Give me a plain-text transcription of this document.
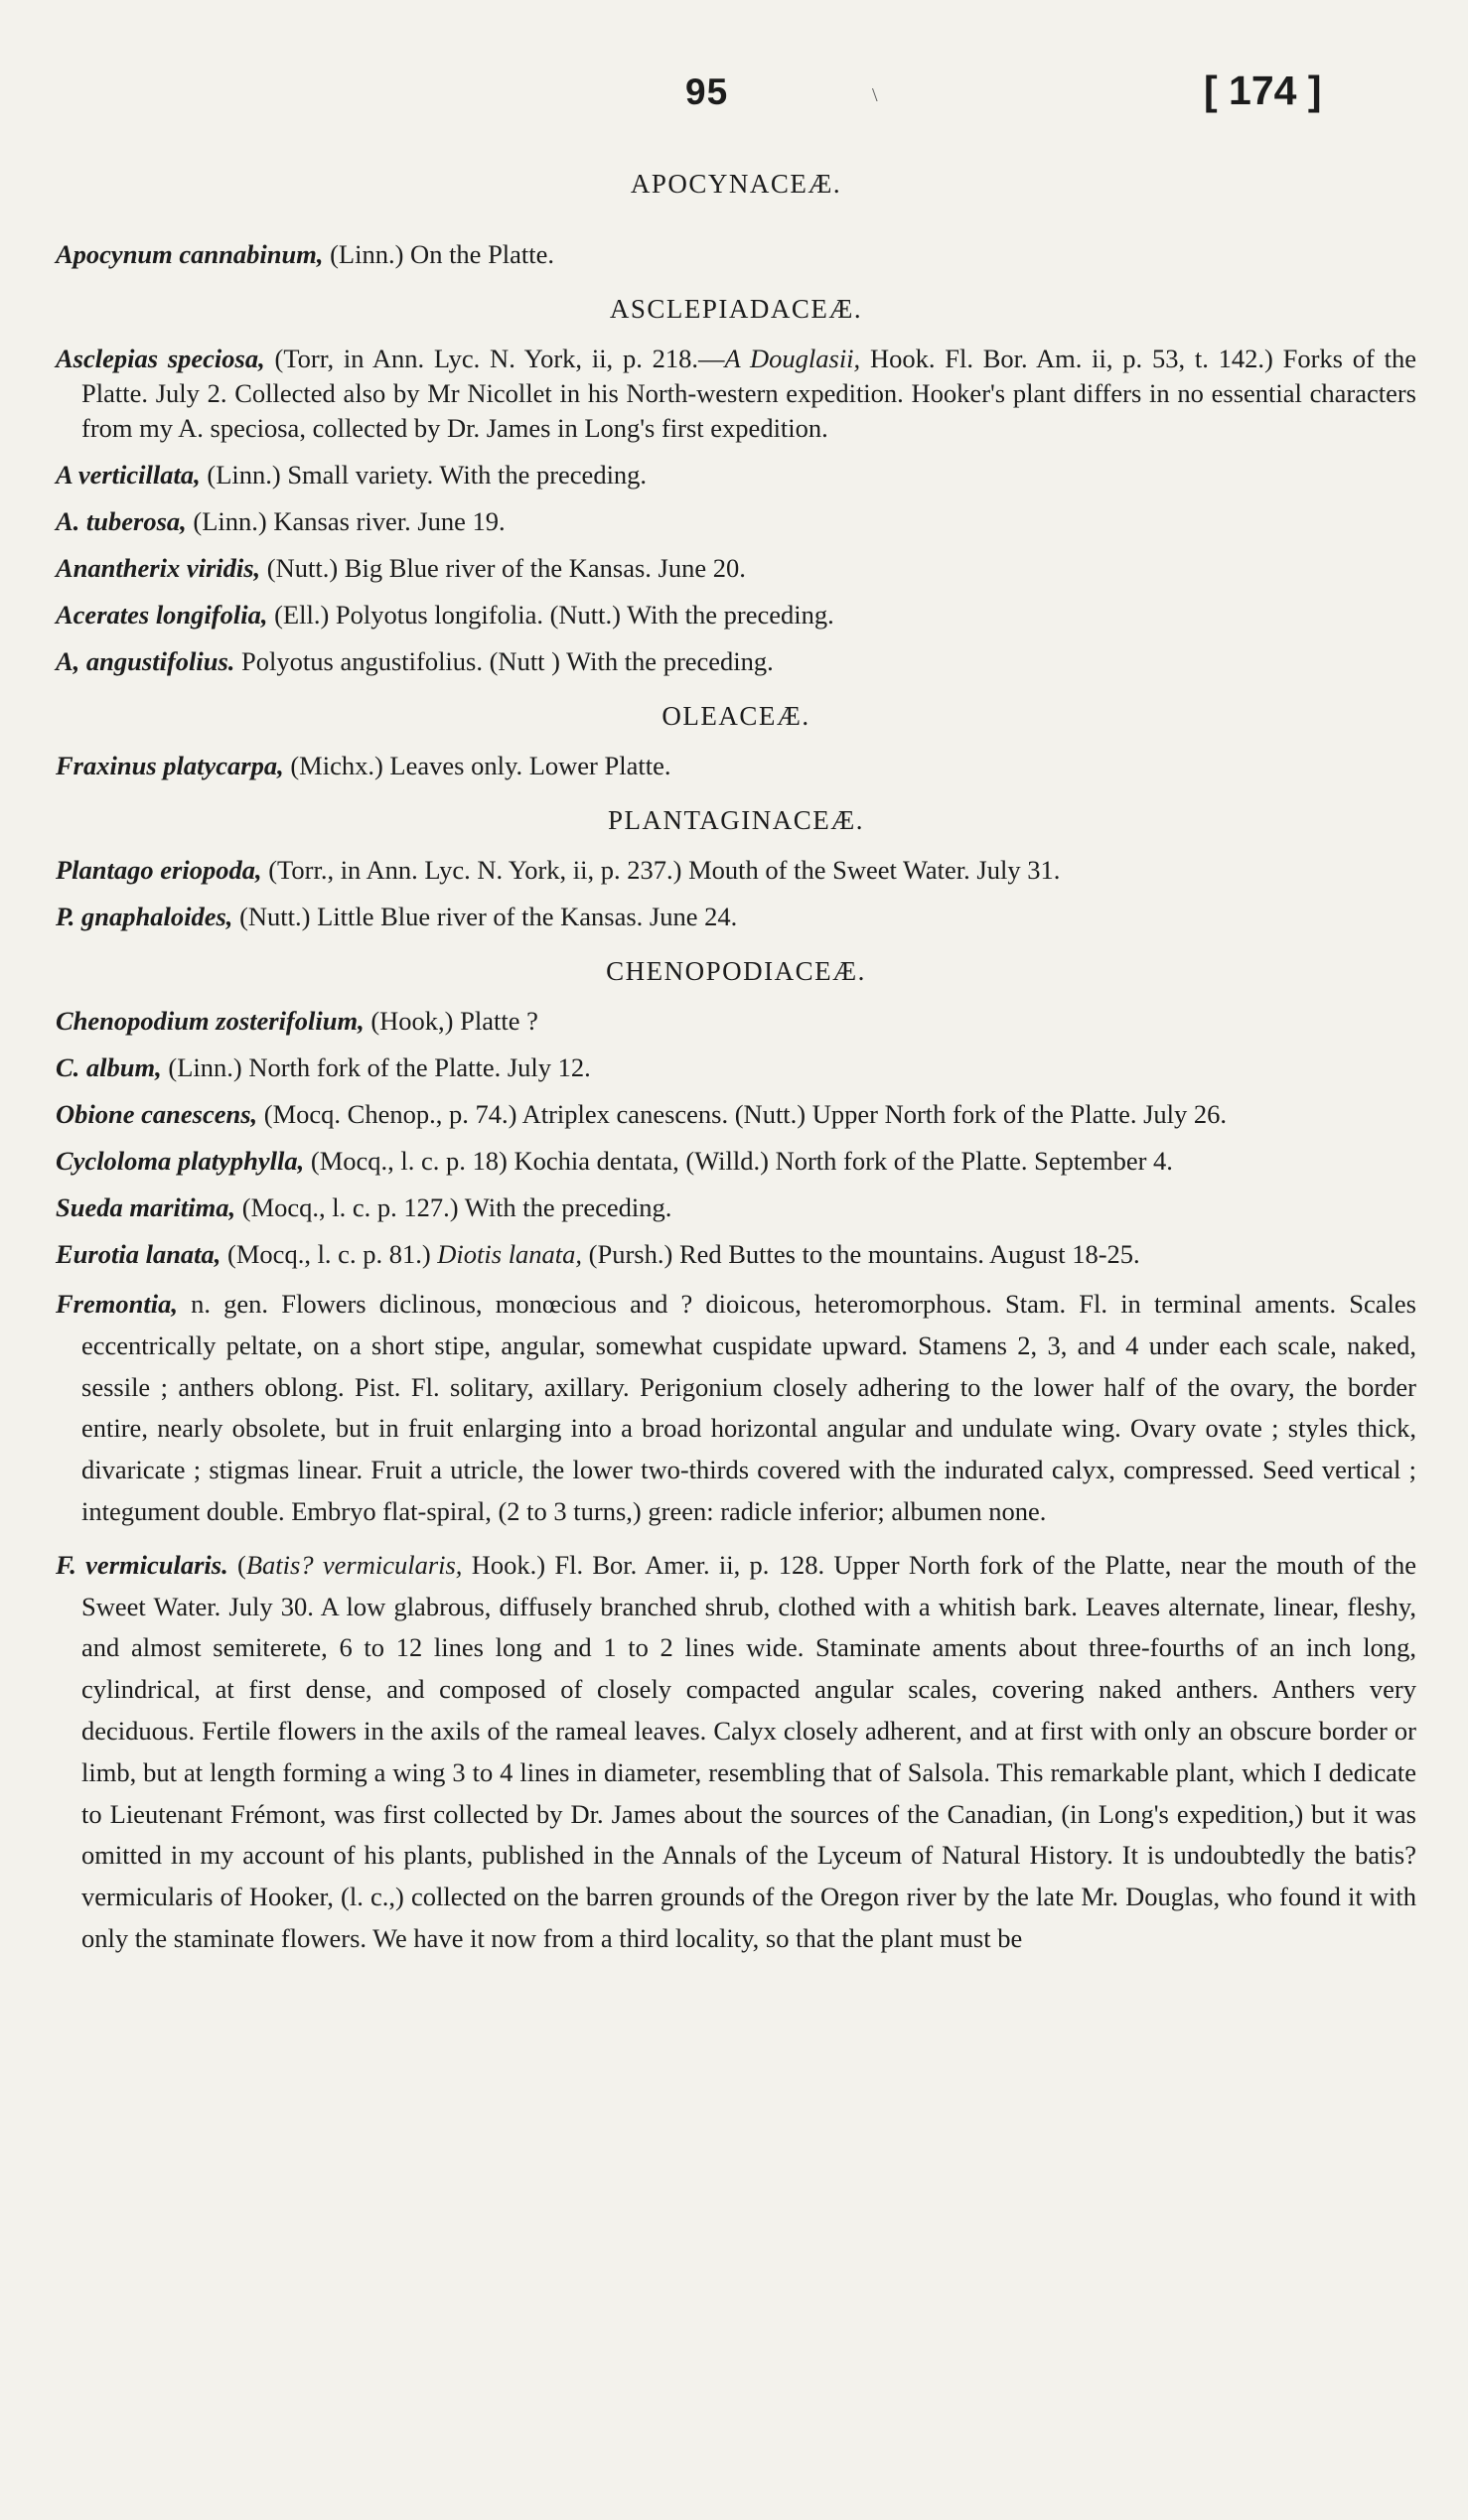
95	\	[ 174 ]
APOCYNACEÆ.

Apocynum cannabinum, (Linn.) On the Platte.

ASCLEPIADACEÆ.

Asclepias speciosa, (Torr, in Ann. Lyc. N. York, ii, p. 218.—A Douglasii, Hook. Fl. Bor. Am. ii, p. 53, t. 142.) Forks of the Platte. July 2. Collected also by Mr Nicollet in his North-western expedition. Hooker's plant differs in no essential characters from my A. speciosa, collected by Dr. James in Long's first expedition.

A verticillata, (Linn.) Small variety. With the preceding.

A. tuberosa, (Linn.) Kansas river. June 19.

Anantherix viridis, (Nutt.) Big Blue river of the Kansas. June 20.

Acerates longifolia, (Ell.) Polyotus longifolia. (Nutt.) With the preceding.

A, angustifolius. Polyotus angustifolius. (Nutt ) With the preceding.

OLEACEÆ.

Fraxinus platycarpa, (Michx.) Leaves only. Lower Platte.

PLANTAGINACEÆ.

Plantago eriopoda, (Torr., in Ann. Lyc. N. York, ii, p. 237.) Mouth of the Sweet Water. July 31.

P. gnaphaloides, (Nutt.) Little Blue river of the Kansas. June 24.

CHENOPODIACEÆ.

Chenopodium zosterifolium, (Hook,) Platte ?

C. album, (Linn.) North fork of the Platte. July 12.

Obione canescens, (Mocq. Chenop., p. 74.) Atriplex canescens. (Nutt.) Upper North fork of the Platte. July 26.

Cycloloma platyphylla, (Mocq., l. c. p. 18) Kochia dentata, (Willd.) North fork of the Platte. September 4.

Sueda maritima, (Mocq., l. c. p. 127.) With the preceding.

Eurotia lanata, (Mocq., l. c. p. 81.) Diotis lanata, (Pursh.) Red Buttes to the mountains. August 18-25.

Fremontia, n. gen. Flowers diclinous, monœcious and ? dioicous, heteromorphous. Stam. Fl. in terminal aments. Scales eccentrically peltate, on a short stipe, angular, somewhat cuspidate upward. Stamens 2, 3, and 4 under each scale, naked, sessile ; anthers oblong. Pist. Fl. solitary, axillary. Perigonium closely adhering to the lower half of the ovary, the border entire, nearly obsolete, but in fruit enlarging into a broad horizontal angular and undulate wing. Ovary ovate ; styles thick, divaricate ; stigmas linear. Fruit a utricle, the lower two-thirds covered with the indurated calyx, compressed. Seed vertical ; integument double. Embryo flat-spiral, (2 to 3 turns,) green: radicle inferior; albumen none.

F. vermicularis. (Batis? vermicularis, Hook.) Fl. Bor. Amer. ii, p. 128. Upper North fork of the Platte, near the mouth of the Sweet Water. July 30. A low glabrous, diffusely branched shrub, clothed with a whitish bark. Leaves alternate, linear, fleshy, and almost semiterete, 6 to 12 lines long and 1 to 2 lines wide. Staminate aments about three-fourths of an inch long, cylindrical, at first dense, and composed of closely compacted angular scales, covering naked anthers. Anthers very deciduous. Fertile flowers in the axils of the rameal leaves. Calyx closely adherent, and at first with only an obscure border or limb, but at length forming a wing 3 to 4 lines in diameter, resembling that of Salsola. This remarkable plant, which I dedicate to Lieutenant Frémont, was first collected by Dr. James about the sources of the Canadian, (in Long's expedition,) but it was omitted in my account of his plants, published in the Annals of the Lyceum of Natural History. It is undoubtedly the batis? vermicularis of Hooker, (l. c.,) collected on the barren grounds of the Oregon river by the late Mr. Douglas, who found it with only the staminate flowers. We have it now from a third locality, so that the plant must be
